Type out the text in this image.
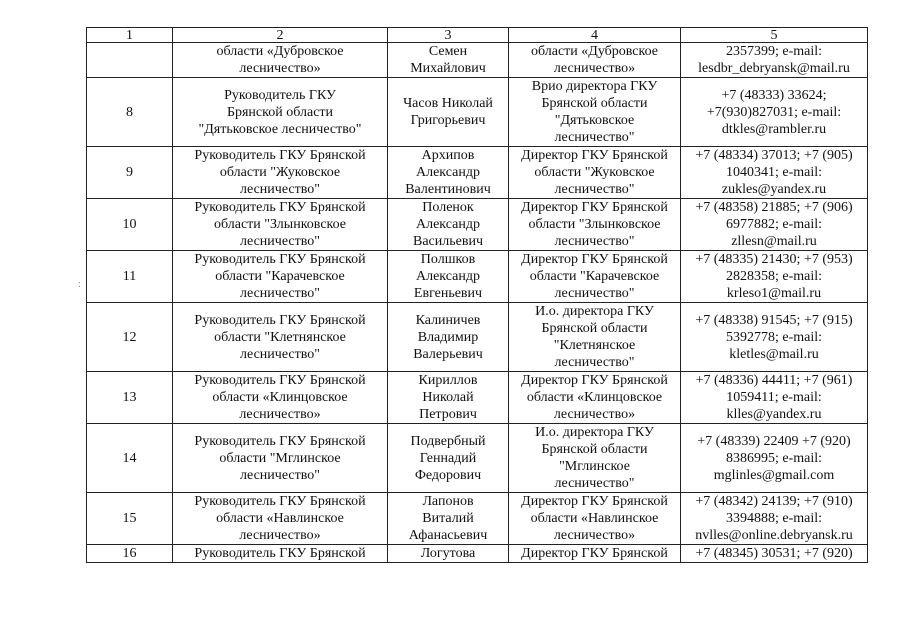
:
1	2	3	4	5
	области «Дубровское
лесничество»	Семен
Михайлович	области «Дубровское
лесничество»	2357399; e-mail:
lesdbr_debryansk@mail.ru
8	Руководитель ГКУ
Брянской области
"Дятьковское лесничество"	Часов Николай
Григорьевич	Врио директора ГКУ
Брянской области
"Дятьковское
лесничество"	+7 (48333) 33624;
+7(930)827031; e-mail:
dtkles@rambler.ru
9	Руководитель ГКУ Брянской
области "Жуковское
лесничество"	Архипов
Александр
Валентинович	Директор ГКУ Брянской
области "Жуковское
лесничество"	+7 (48334) 37013; +7 (905)
1040341; e-mail:
zukles@yandex.ru
10	Руководитель ГКУ Брянской
области "Злынковское
лесничество"	Поленок
Александр
Васильевич	Директор ГКУ Брянской
области "Злынковское
лесничество"	+7 (48358) 21885; +7 (906)
6977882; e-mail:
zllesn@mail.ru
11	Руководитель ГКУ Брянской
области "Карачевское
лесничество"	Полшков
Александр
Евгеньевич	Директор ГКУ Брянской
области "Карачевское
лесничество"	+7 (48335) 21430; +7 (953)
2828358; e-mail:
krleso1@mail.ru
12	Руководитель ГКУ Брянской
области "Клетнянское
лесничество"	Калиничев
Владимир
Валерьевич	И.о. директора ГКУ
Брянской области
"Клетнянское
лесничество"	+7 (48338) 91545; +7 (915)
5392778; e-mail:
kletles@mail.ru
13	Руководитель ГКУ Брянской
области «Клинцовское
лесничество»	Кириллов
Николай
Петрович	Директор ГКУ Брянской
области «Клинцовское
лесничество»	+7 (48336) 44411; +7 (961)
1059411; e-mail:
klles@yandex.ru
14	Руководитель ГКУ Брянской
области "Мглинское
лесничество"	Подвербный
Геннадий
Федорович	И.о. директора ГКУ
Брянской области
"Мглинское
лесничество"	+7 (48339) 22409 +7 (920)
8386995; e-mail:
mglinles@gmail.com
15	Руководитель ГКУ Брянской
области «Навлинское
лесничество»	Лапонов
Виталий
Афанасьевич	Директор ГКУ Брянской
области «Навлинское
лесничество»	+7 (48342) 24139; +7 (910)
3394888; e-mail:
nvlles@online.debryansk.ru
16	Руководитель ГКУ Брянской	Логутова	Директор ГКУ Брянской	+7 (48345) 30531; +7 (920)
